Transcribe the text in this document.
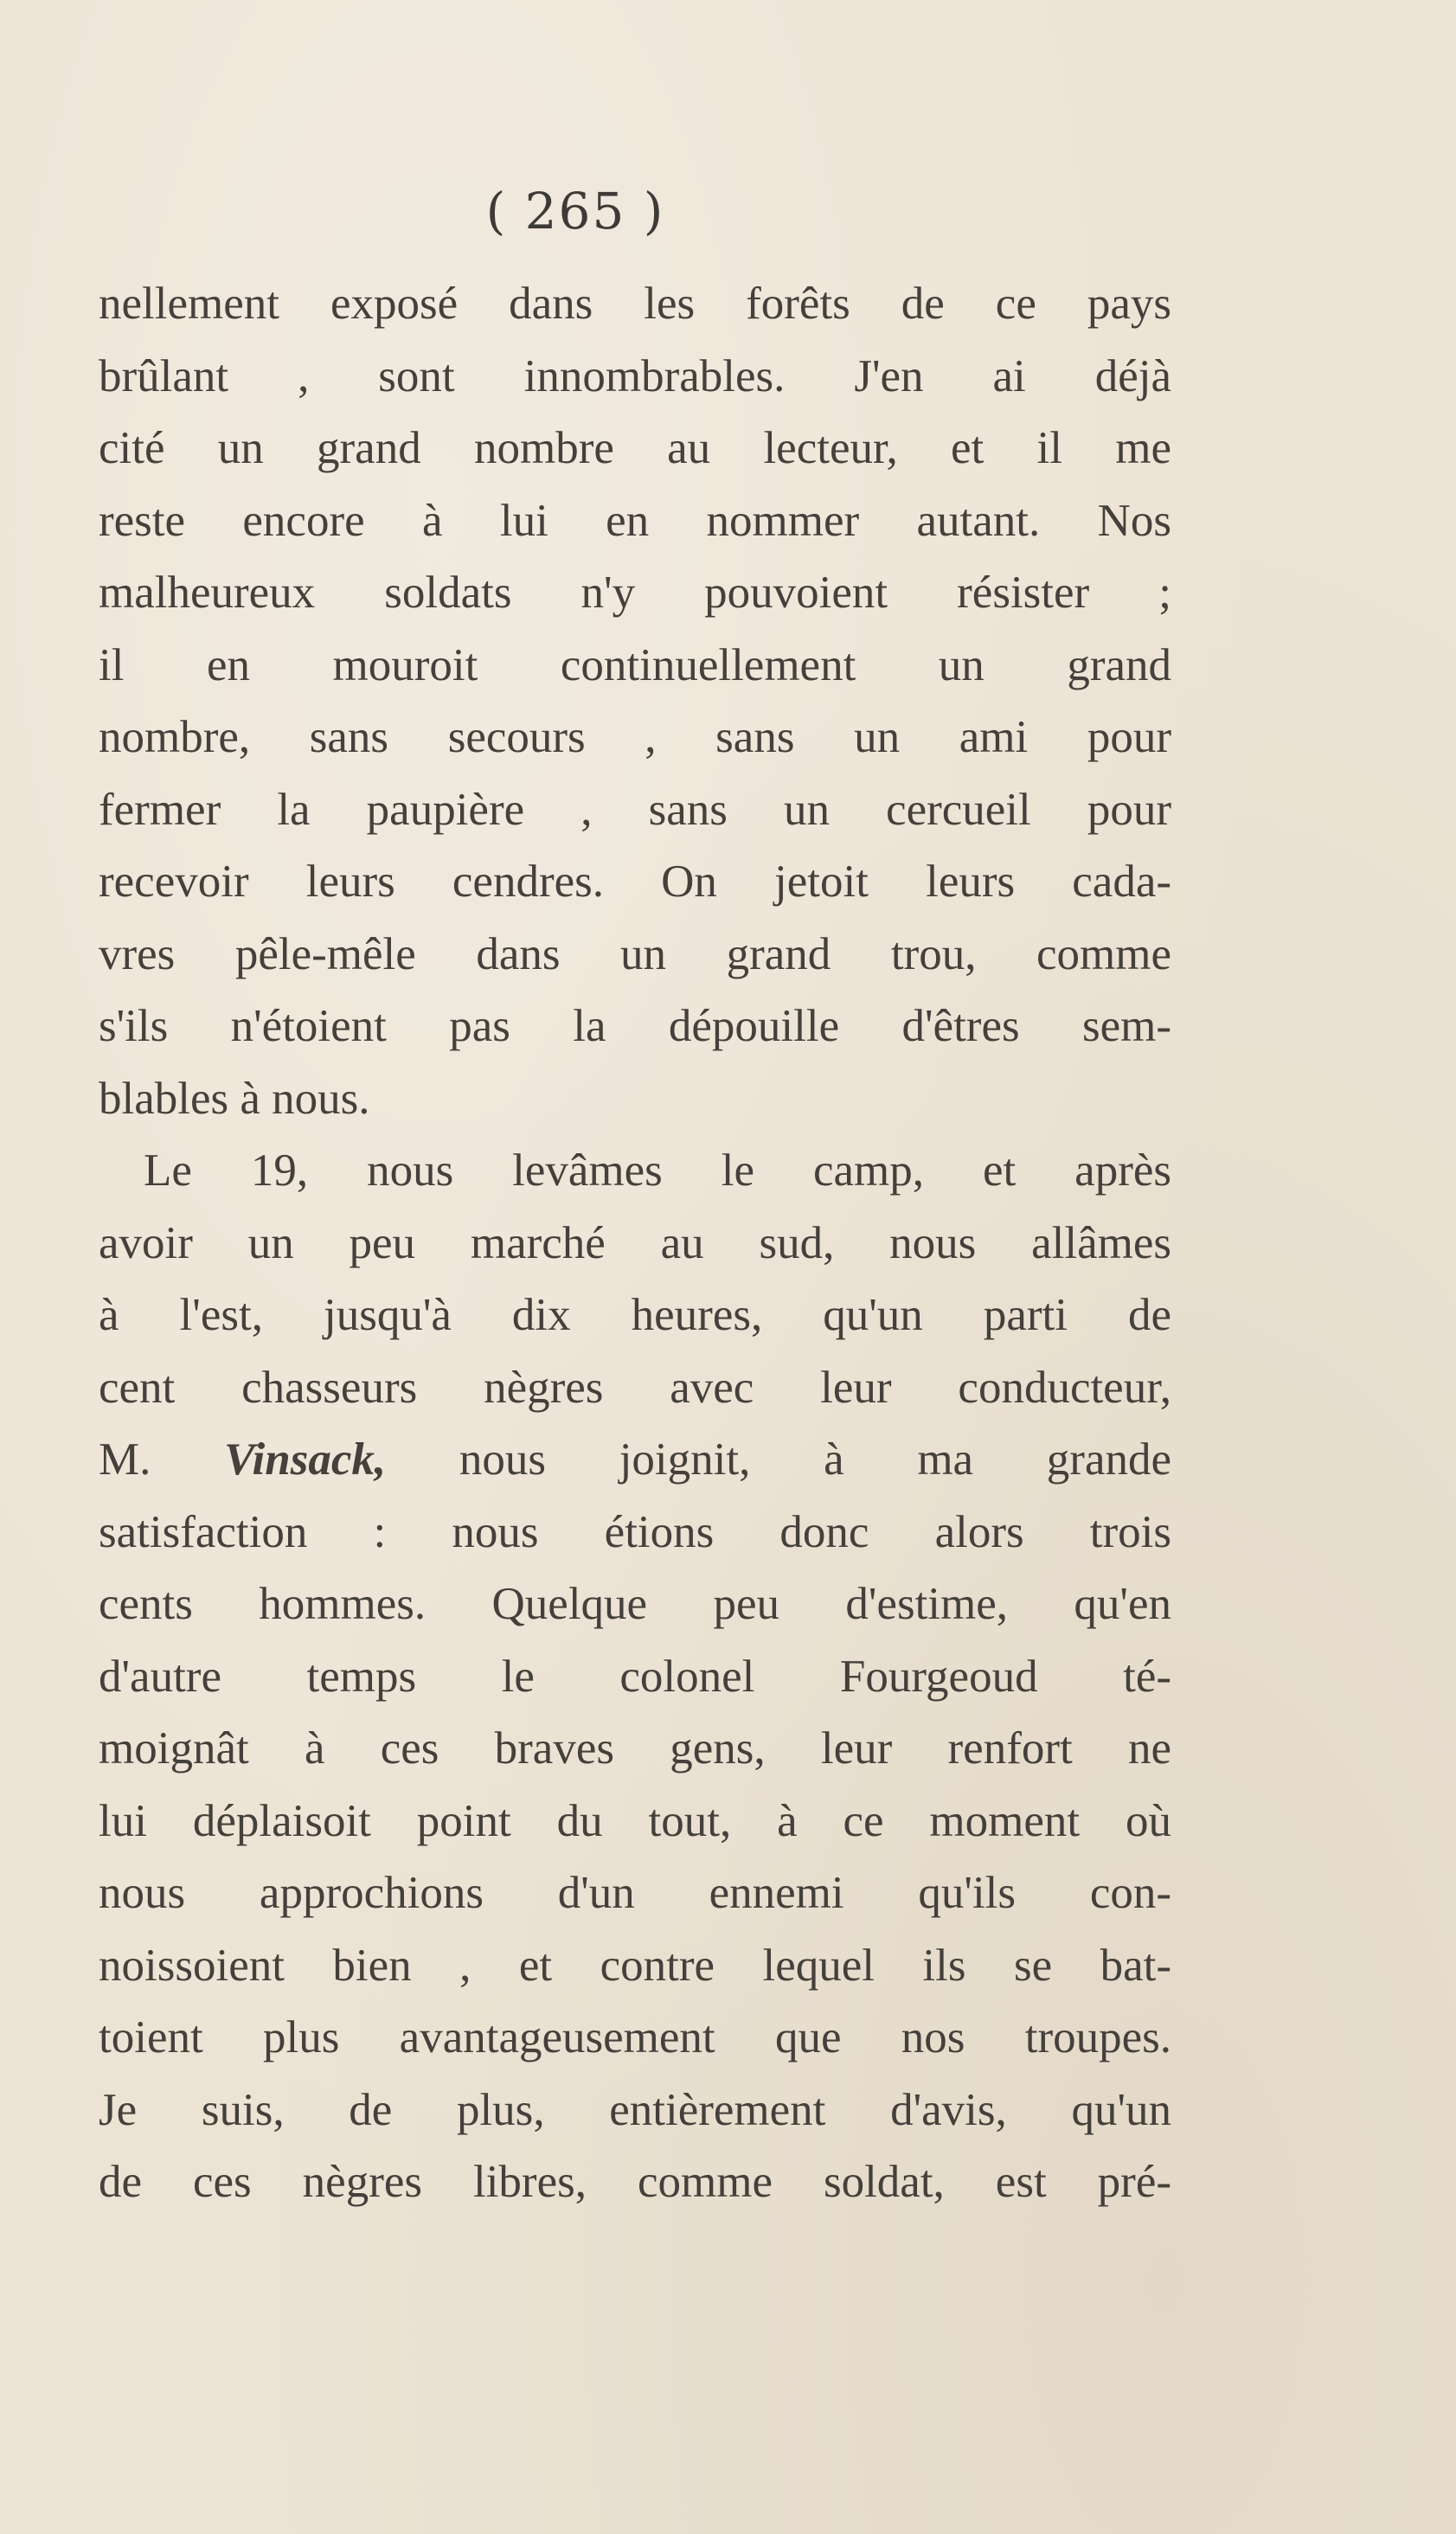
( 265 )
nellement exposé dans les forêts de ce pays
brûlant , sont innombrables. J'en ai déjà
cité un grand nombre au lecteur, et il me
reste encore à lui en nommer autant. Nos
malheureux soldats n'y pouvoient résister ;
il en mouroit continuellement un grand
nombre, sans secours , sans un ami pour
fermer la paupière , sans un cercueil pour
recevoir leurs cendres. On jetoit leurs cada-
vres pêle-mêle dans un grand trou, comme
s'ils n'étoient pas la dépouille d'êtres sem-
blables à nous.
Le 19, nous levâmes le camp, et après
avoir un peu marché au sud, nous allâmes
à l'est, jusqu'à dix heures, qu'un parti de
cent chasseurs nègres avec leur conducteur,
M. Vinsack, nous joignit, à ma grande
satisfaction : nous étions donc alors trois
cents hommes. Quelque peu d'estime, qu'en
d'autre temps le colonel Fourgeoud té-
moignât à ces braves gens, leur renfort ne
lui déplaisoit point du tout, à ce moment où
nous approchions d'un ennemi qu'ils con-
noissoient bien , et contre lequel ils se bat-
toient plus avantageusement que nos troupes.
Je suis, de plus, entièrement d'avis, qu'un
de ces nègres libres, comme soldat, est pré-
